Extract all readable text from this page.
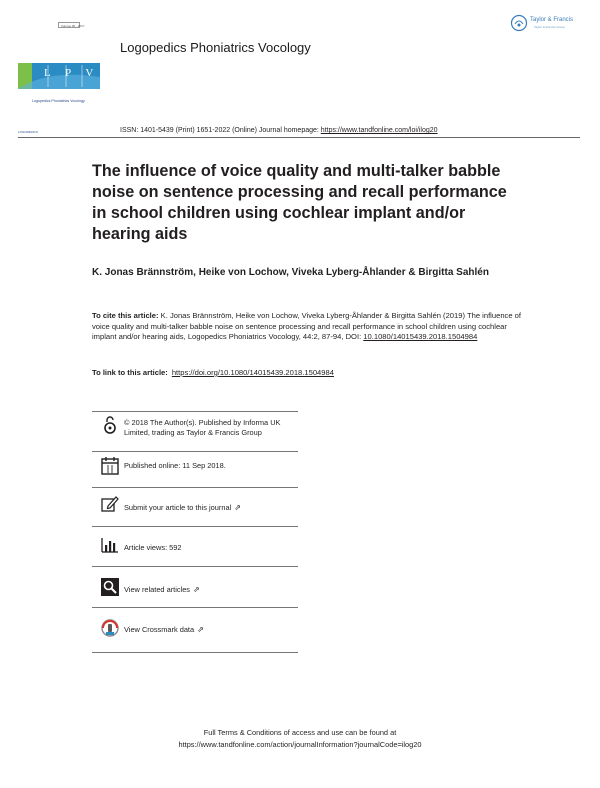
Volume 00 · 2017
L P V
Logopedics Phoniatrics Vocology
Logopedics Phoniatrics Vocology
Taylor & Francis
Taylor & Francis Group
LOGOPEDICS	ISSN: 1401-5439 (Print) 1651-2022 (Online) Journal homepage: https://www.tandfonline.com/loi/ilog20
The influence of voice quality and multi-talker babble noise on sentence processing and recall performance in school children using cochlear implant and/or hearing aids
K. Jonas Brännström, Heike von Lochow, Viveka Lyberg-Åhlander & Birgitta Sahlén
To cite this article: K. Jonas Brännström, Heike von Lochow, Viveka Lyberg-Åhlander & Birgitta Sahlén (2019) The influence of voice quality and multi-talker babble noise on sentence processing and recall performance in school children using cochlear implant and/or hearing aids, Logopedics Phoniatrics Vocology, 44:2, 87-94, DOI: 10.1080/14015439.2018.1504984
To link to this article: https://doi.org/10.1080/14015439.2018.1504984
© 2018 The Author(s). Published by Informa UK Limited, trading as Taylor & Francis Group
Published online: 11 Sep 2018.
Submit your article to this journal ⇗
Article views: 592
View related articles ⇗
View Crossmark data ⇗
Full Terms & Conditions of access and use can be found at
https://www.tandfonline.com/action/journalInformation?journalCode=ilog20
